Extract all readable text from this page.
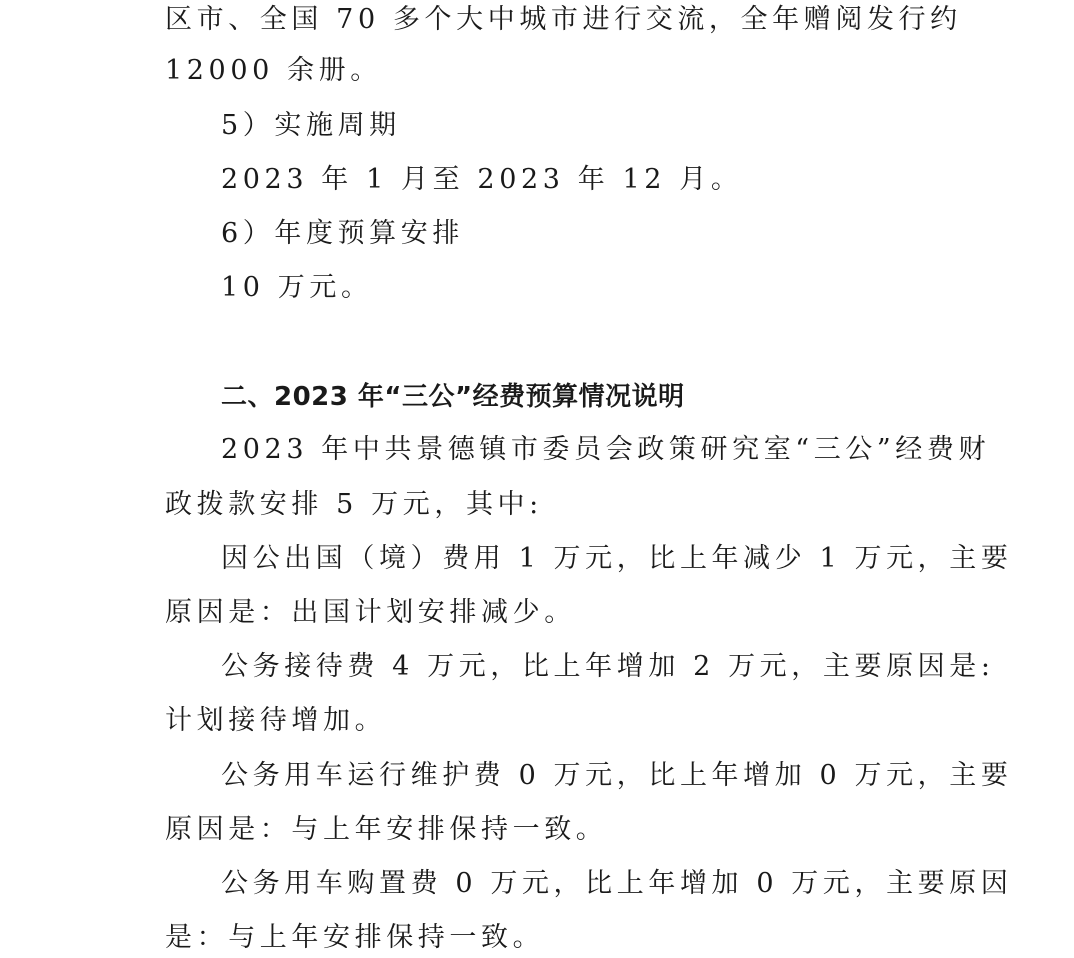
区市、全国 70 多个大中城市进行交流，全年赠阅发行约
12000 余册。
5）实施周期
2023 年 1 月至 2023 年 12 月。
6）年度预算安排
10 万元。
二、2023 年“三公”经费预算情况说明
2023 年中共景德镇市委员会政策研究室“三公”经费财
政拨款安排 5 万元，其中:
因公出国（境）费用 1 万元，比上年减少 1 万元，主要
原因是：出国计划安排减少。
公务接待费 4 万元，比上年增加 2 万元，主要原因是:
计划接待增加。
公务用车运行维护费 0 万元，比上年增加 0 万元，主要
原因是：与上年安排保持一致。
公务用车购置费 0 万元，比上年增加 0 万元，主要原因
是：与上年安排保持一致。
